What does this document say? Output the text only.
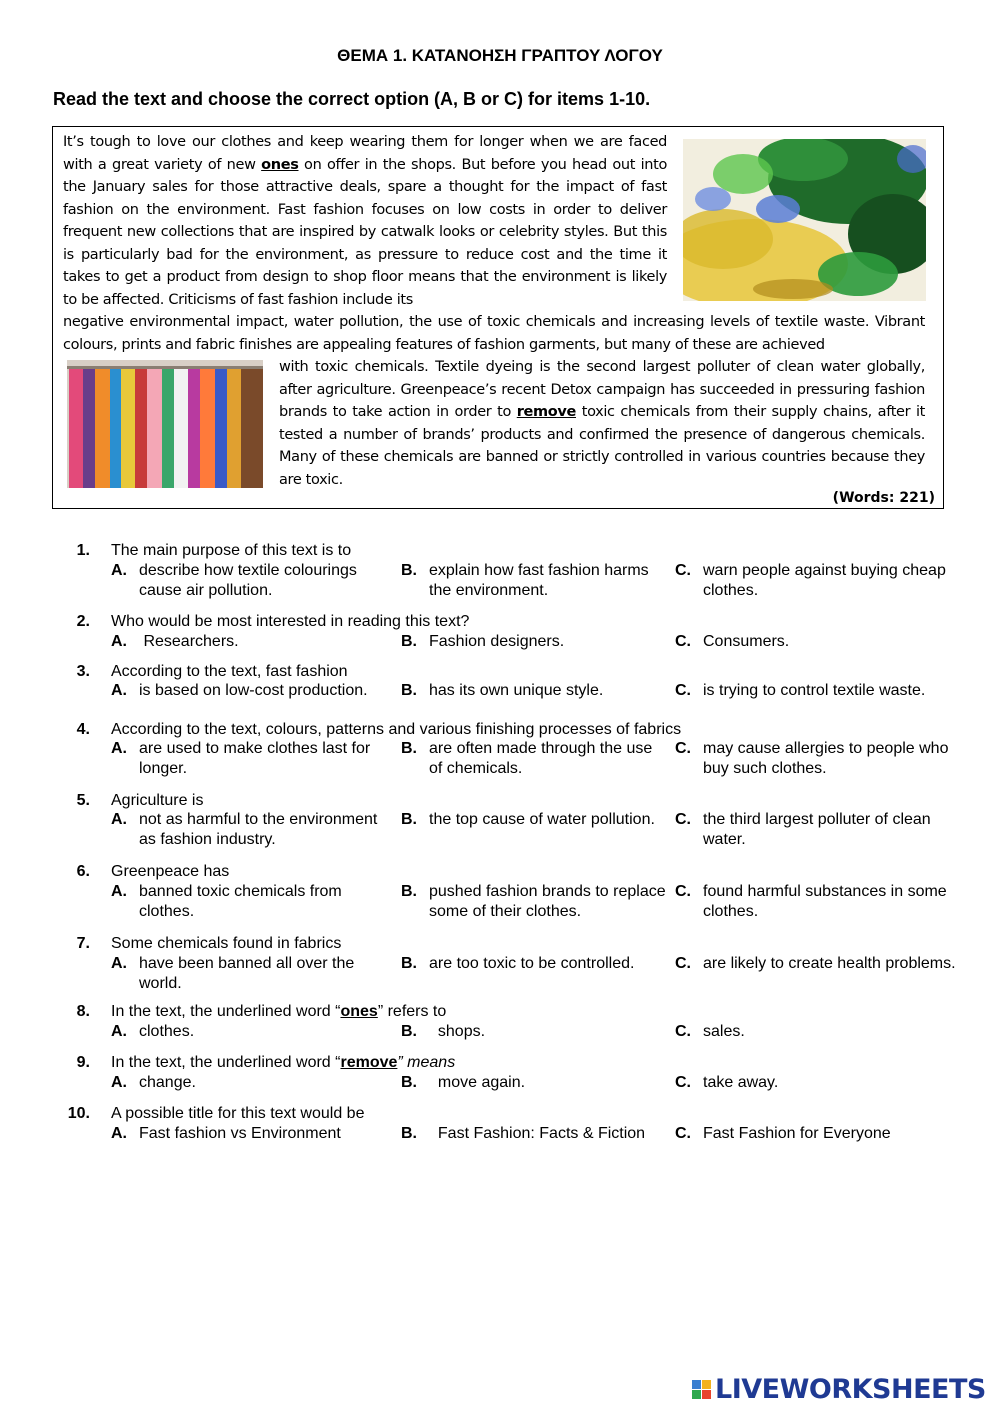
ΘΕΜΑ 1. ΚΑΤΑΝΟΗΣΗ ΓΡΑΠΤΟΥ ΛΟΓΟΥ
Read the text and choose the correct option (A, B or C) for items 1-10.

It’s tough to love our clothes and keep wearing them for longer when we are faced with a great variety of new ones on offer in the shops. But before you head out into the January sales for those attractive deals, spare a thought for the impact of fast fashion on the environment. Fast fashion focuses on low costs in order to deliver frequent new collections that are inspired by catwalk looks or celebrity styles. But this is particularly bad for the environment, as pressure to reduce cost and the time it takes to get a product from design to shop floor means that the environment is likely to be affected. Criticisms of fast fashion include its

negative environmental impact, water pollution, the use of toxic chemicals and increasing levels of textile waste. Vibrant colours, prints and fabric finishes are appealing features of fashion garments, but many of these are achieved

with toxic chemicals. Textile dyeing is the second largest polluter of clean water globally, after agriculture. Greenpeace’s recent Detox campaign has succeeded in pressuring fashion brands to take action in order to remove toxic chemicals from their supply chains, after it tested a number of brands’ products and confirmed the presence of dangerous chemicals. Many of these chemicals are banned or strictly controlled in various countries because they are toxic.

(Words: 221)
1. The main purpose of this text is to
A. describe how textile colourings cause air pollution.
B. explain how fast fashion harms the environment.
C. warn people against buying cheap clothes.
2. Who would be most interested in reading this text?
A. Researchers.	B. Fashion designers.	C. Consumers.
3. According to the text, fast fashion
A. is based on low-cost production.	B. has its own unique style.	C. is trying to control textile waste.
4. According to the text, colours, patterns and various finishing processes of fabrics
A. are used to make clothes last for longer.
B. are often made through the use of chemicals.
C. may cause allergies to people who buy such clothes.
5. Agriculture is
A. not as harmful to the environment as fashion industry.
B. the top cause of water pollution.	C. the third largest polluter of clean water.
6. Greenpeace has
A. banned toxic chemicals from clothes.
B. pushed fashion brands to replace some of their clothes.
C. found harmful substances in some clothes.
7. Some chemicals found in fabrics
A. have been banned all over the world.
B. are too toxic to be controlled.	C. are likely to create health problems.
8. In the text, the underlined word “ones” refers to
A. clothes.	B. shops.	C. sales.
9. In the text, the underlined word “remove” means
A. change.	B. move again.	C. take away.
10. A possible title for this text would be
A. Fast fashion vs Environment	B. Fast Fashion: Facts & Fiction	C. Fast Fashion for Everyone
LIVEWORKSHEETS
